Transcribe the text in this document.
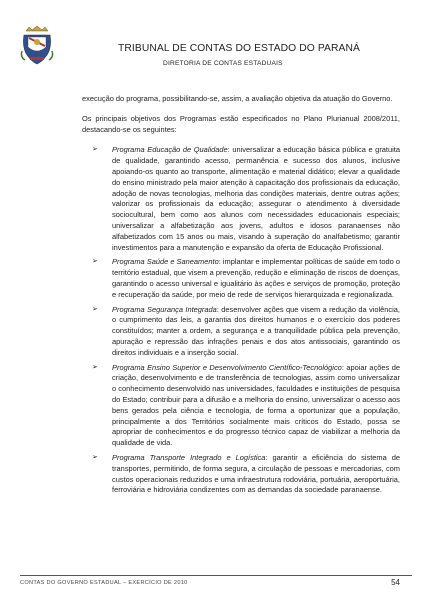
TRIBUNAL DE CONTAS DO ESTADO DO PARANÁ
DIRETORIA DE CONTAS ESTADUAIS

execução do programa, possibilitando-se, assim, a avaliação objetiva da atuação do Governo.

Os principais objetivos dos Programas estão especificados no Plano Plurianual 2008/2011, destacando-se os seguintes:

➢ Programa Educação de Qualidade: universalizar a educação básica pública e gratuita de qualidade, garantindo acesso, permanência e sucesso dos alunos, inclusive apoiando-os quanto ao transporte, alimentação e material didático; elevar a qualidade do ensino ministrado pela maior atenção à capacitação dos profissionais da educação, adoção de novas tecnologias, melhoria das condições materiais, dentre outras ações; valorizar os profissionais da educação; assegurar o atendimento à diversidade sociocultural, bem como aos alunos com necessidades educacionais especiais; universalizar a alfabetização aos jovens, adultos e idosos paranaenses não alfabetizados com 15 anos ou mais, visando à superação do analfabetismo; garantir investimentos para a manutenção e expansão da oferta de Educação Profissional.
➢ Programa Saúde e Saneamento: implantar e implementar políticas de saúde em todo o território estadual, que visem a prevenção, redução e eliminação de riscos de doenças, garantindo o acesso universal e igualitário às ações e serviços de promoção, proteção e recuperação da saúde, por meio de rede de serviços hierarquizada e regionalizada.
➢ Programa Segurança Integrada: desenvolver ações que visem a redução da violência, o cumprimento das leis, a garantia dos direitos humanos e o exercício dos poderes constituídos; manter a ordem, a segurança e a tranquilidade pública pela prevenção, apuração e repressão das infrações penais e dos atos antissociais, garantindo os direitos individuais e a inserção social.
➢ Programa Ensino Superior e Desenvolvimento Científico-Tecnológico: apoiar ações de criação, desenvolvimento e de transferência de tecnologias, assim como universalizar o conhecimento desenvolvido nas universidades, faculdades e instituições de pesquisa do Estado; contribuir para a difusão e a melhoria do ensino, universalizar o acesso aos bens gerados pela ciência e tecnologia, de forma a oportunizar que a população, principalmente a dos Territórios socialmente mais críticos do Estado, possa se apropriar de conhecimentos e do progresso técnico capaz de viabilizar a melhoria da qualidade de vida.
➢ Programa Transporte Integrado e Logística: garantir a eficiência do sistema de transportes, permitindo, de forma segura, a circulação de pessoas e mercadorias, com custos operacionais reduzidos e uma infraestrutura rodoviária, portuária, aeroportuária, ferroviária e hidroviária condizentes com as demandas da sociedade paranaense.
CONTAS DO GOVERNO ESTADUAL – EXERCÍCIO DE 2010	54
